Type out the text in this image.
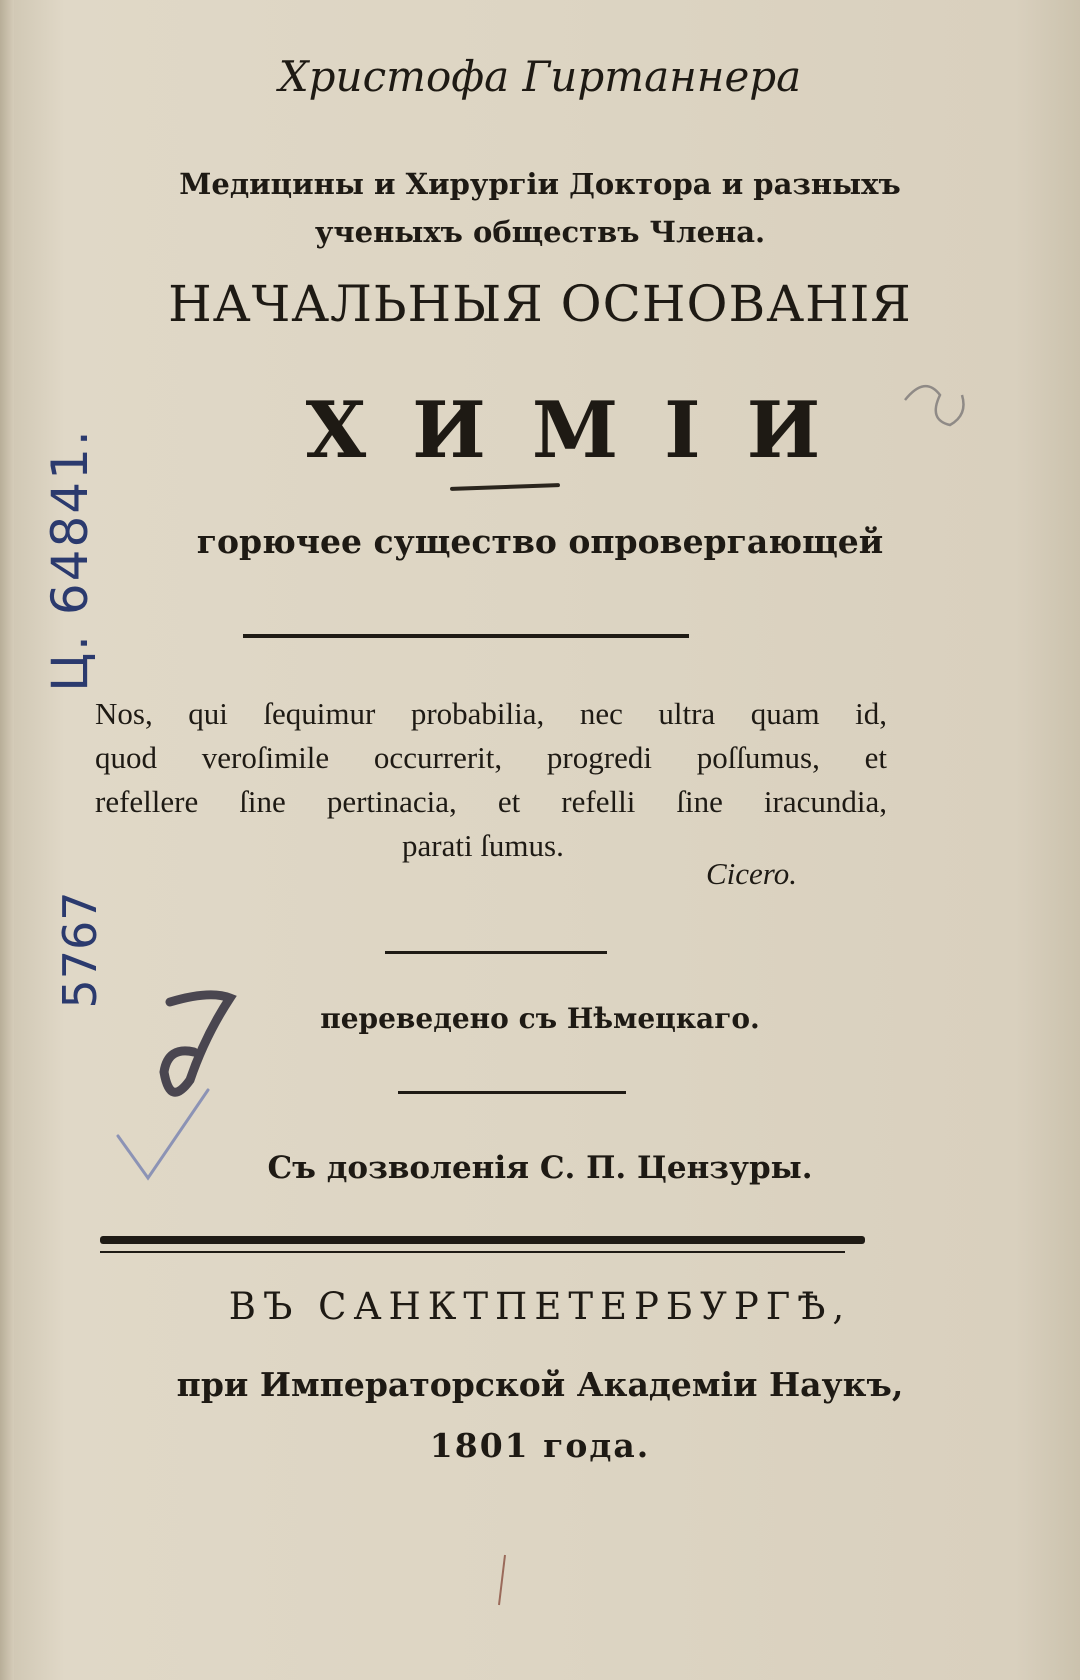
Христофа Гиртаннера
Медицины и Хирургіи Доктора и разныхъ
ученыхъ обществъ Члена.
НАЧАЛЬНЫЯ ОСНОВАНІЯ
ХИМІИ
горючее существо опровергающей
Nos, qui ſequimur probabilia, nec ultra quam id,
quod veroſimile occurrerit, progredi poſſumus, et
refellere ſine pertinacia, et refelli ſine iracundia,
parati ſumus.
Cicero.
переведено съ Нѣмецкаго.
Съ дозволенія С. П. Цензуры.
ВЪ САНКТПЕТЕРБУРГѢ,
при Императорской Академіи Наукъ,
1801 года.
Ц. 64841.
5767
